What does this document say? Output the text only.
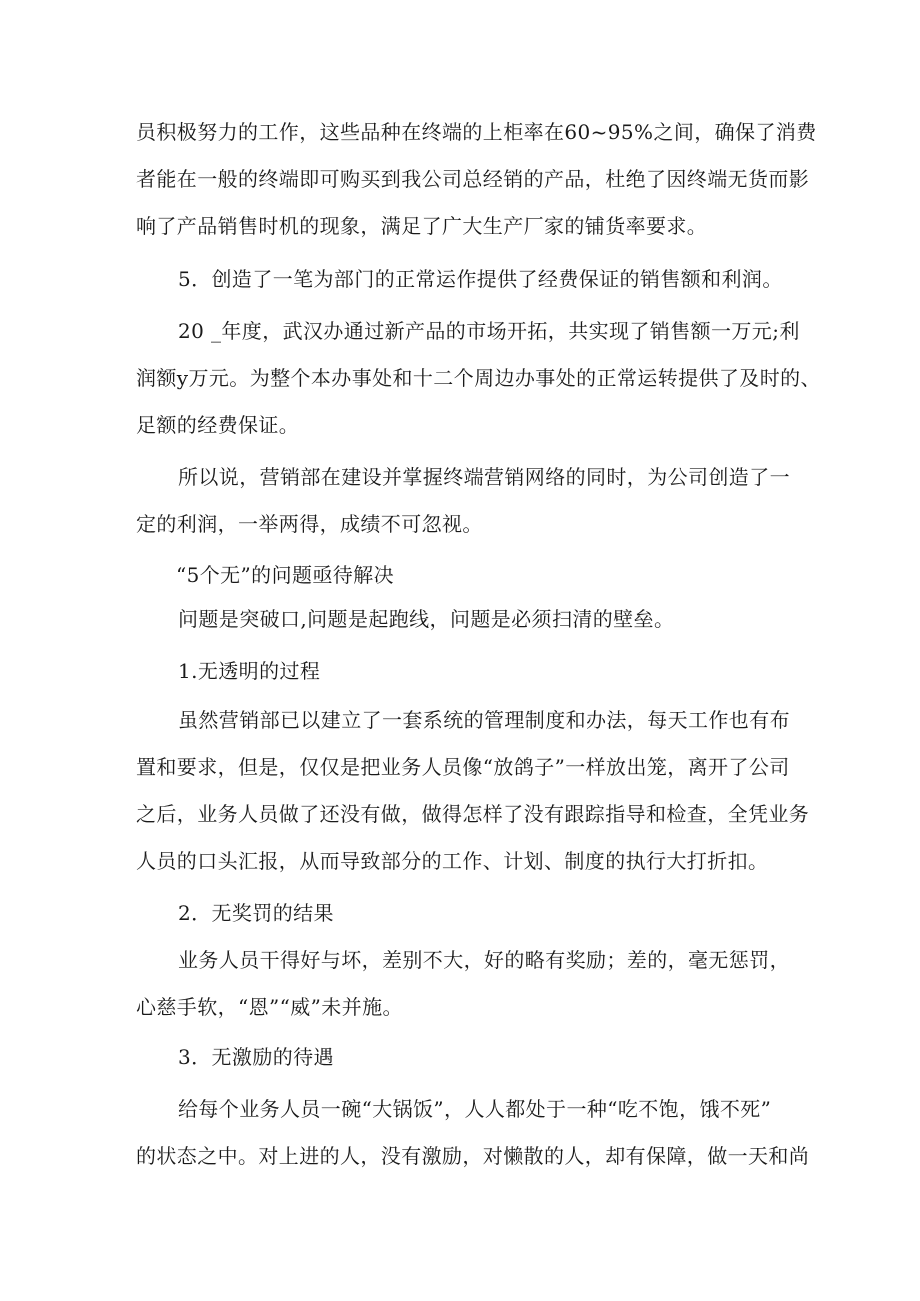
员积极努力的工作，这些品种在终端的上柜率在60~95%之间，确保了消费
者能在一般的终端即可购买到我公司总经销的产品，杜绝了因终端无货而影
响了产品销售时机的现象，满足了广大生产厂家的铺货率要求。
5．创造了一笔为部门的正常运作提供了经费保证的销售额和利润。
20 _年度，武汉办通过新产品的市场开拓，共实现了销售额一万元;利
润额y万元。为整个本办事处和十二个周边办事处的正常运转提供了及时的、
足额的经费保证。
所以说，营销部在建设并掌握终端营销网络的同时，为公司创造了一
定的利润，一举两得，成绩不可忽视。
“5个无”的问题亟待解决
问题是突破口,问题是起跑线，问题是必须扫清的壁垒。
1.无透明的过程
虽然营销部已以建立了一套系统的管理制度和办法，每天工作也有布
置和要求，但是，仅仅是把业务人员像“放鸽子”一样放出笼，离开了公司
之后，业务人员做了还没有做，做得怎样了没有跟踪指导和检查，全凭业务
人员的口头汇报，从而导致部分的工作、计划、制度的执行大打折扣。
2．无奖罚的结果
业务人员干得好与坏，差别不大，好的略有奖励；差的，毫无惩罚，
心慈手软，“恩”“威”未并施。
3．无激励的待遇
给每个业务人员一碗“大锅饭”，人人都处于一种“吃不饱，饿不死”
的状态之中。对上进的人，没有激励，对懒散的人，却有保障，做一天和尚
